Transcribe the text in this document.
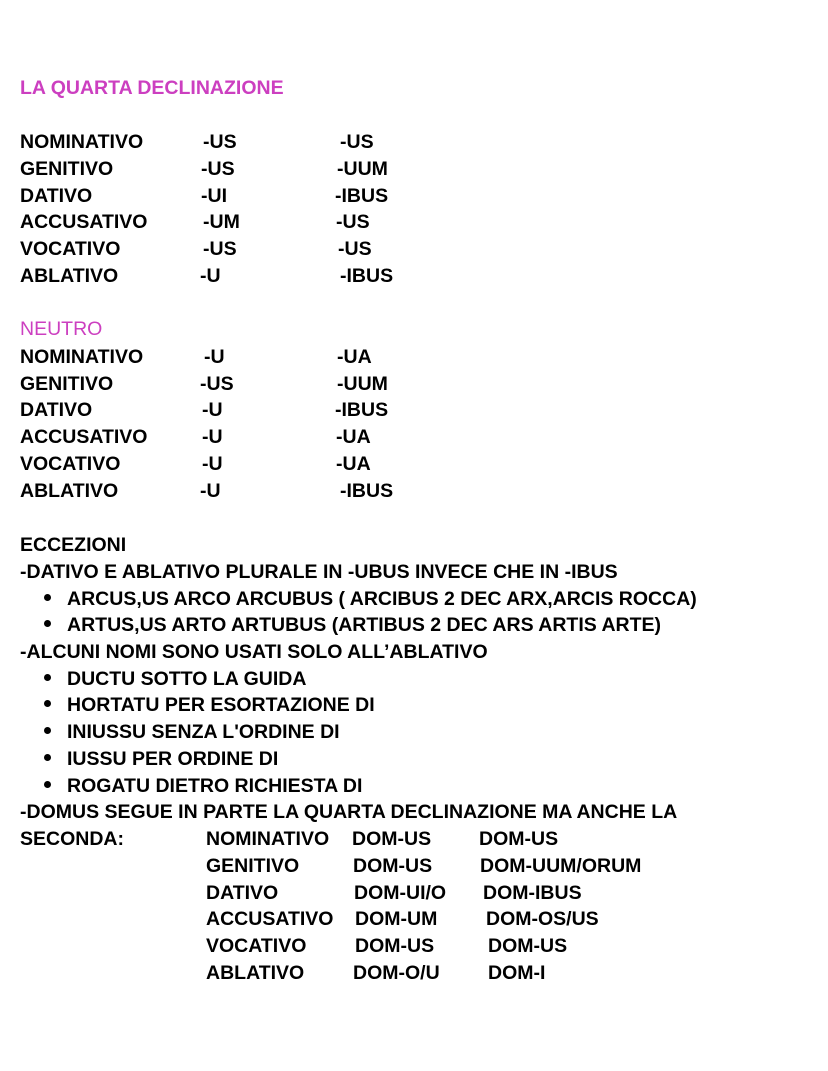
LA QUARTA DECLINAZIONE
NOMINATIVO	-US	-US
GENITIVO	-US	-UUM
DATIVO	-UI	-IBUS
ACCUSATIVO	-UM	-US
VOCATIVO	-US	-US
ABLATIVO	-U	-IBUS
NEUTRO
NOMINATIVO	-U	-UA
GENITIVO	-US	-UUM
DATIVO	-U	-IBUS
ACCUSATIVO	-U	-UA
VOCATIVO	-U	-UA
ABLATIVO	-U	-IBUS
ECCEZIONI
-DATIVO E ABLATIVO PLURALE IN -UBUS INVECE CHE IN -IBUS
ARCUS,US ARCO ARCUBUS ( ARCIBUS 2 DEC ARX,ARCIS ROCCA)
ARTUS,US ARTO ARTUBUS (ARTIBUS 2 DEC ARS ARTIS ARTE)
-ALCUNI NOMI SONO USATI SOLO ALL’ABLATIVO
DUCTU SOTTO LA GUIDA
HORTATU PER ESORTAZIONE DI
INIUSSU SENZA L'ORDINE DI
IUSSU PER ORDINE DI
ROGATU DIETRO RICHIESTA DI
-DOMUS SEGUE IN PARTE LA QUARTA DECLINAZIONE MA ANCHE LA
SECONDA:	NOMINATIVO DOM-US DOM-US
GENITIVO	DOM-US DOM-UUM/ORUM
DATIVO	DOM-UI/O DOM-IBUS
ACCUSATIVO DOM-UM DOM-OS/US
VOCATIVO DOM-US	DOM-US
ABLATIVO	DOM-O/U DOM-I
